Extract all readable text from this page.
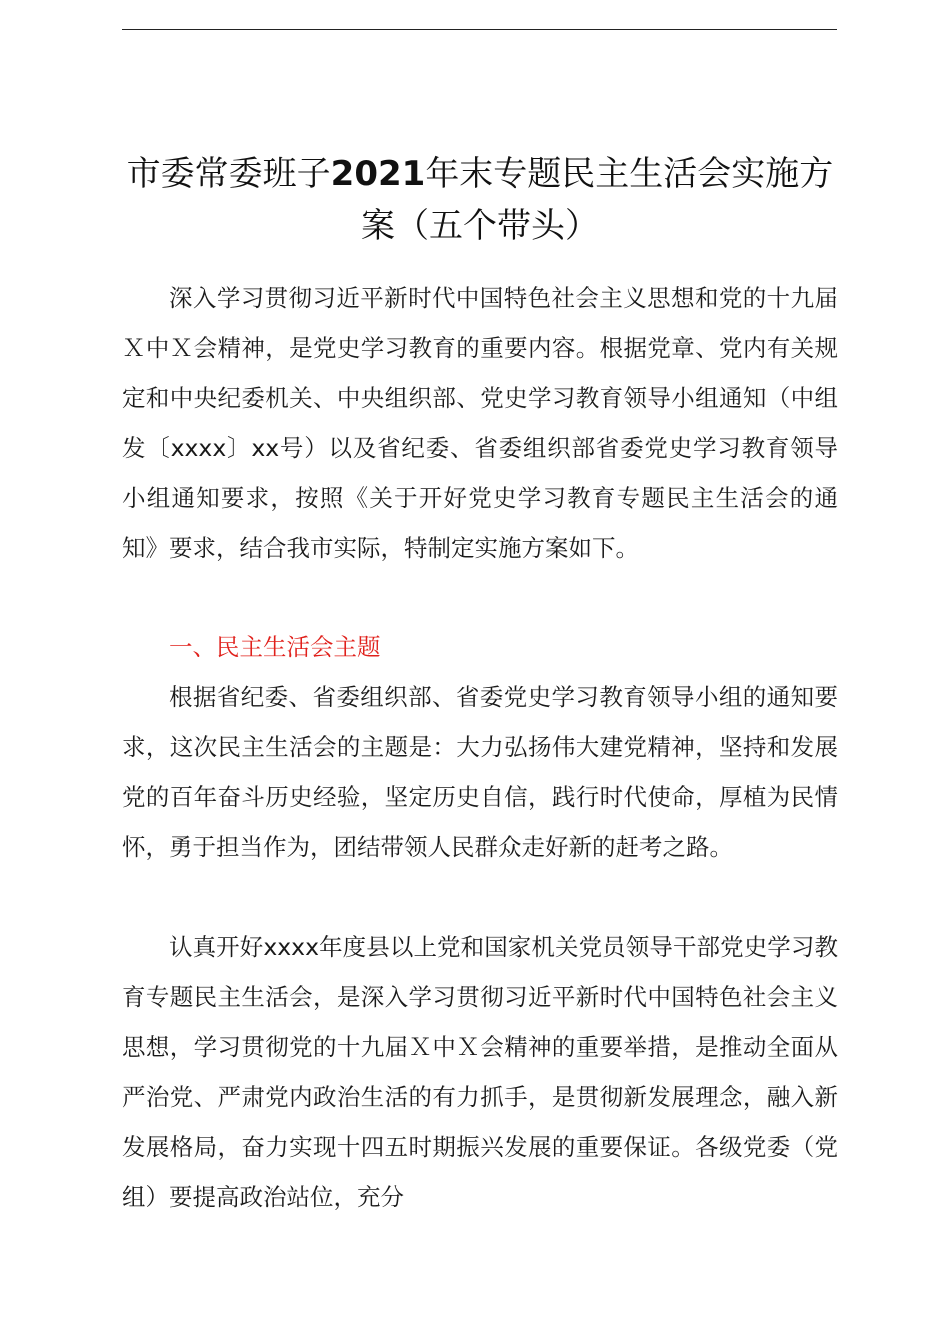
市委常委班子2021年末专题民主生活会实施方案（五个带头）

深入学习贯彻习近平新时代中国特色社会主义思想和党的十九届Ｘ中Ｘ会精神，是党史学习教育的重要内容。根据党章、党内有关规定和中央纪委机关、中央组织部、党史学习教育领导小组通知（中组发〔xxxx〕xx号）以及省纪委、省委组织部省委党史学习教育领导小组通知要求，按照《关于开好党史学习教育专题民主生活会的通知》要求，结合我市实际，特制定实施方案如下。

一、民主生活会主题

根据省纪委、省委组织部、省委党史学习教育领导小组的通知要求，这次民主生活会的主题是：大力弘扬伟大建党精神，坚持和发展党的百年奋斗历史经验，坚定历史自信，践行时代使命，厚植为民情怀，勇于担当作为，团结带领人民群众走好新的赶考之路。

认真开好xxxx年度县以上党和国家机关党员领导干部党史学习教育专题民主生活会，是深入学习贯彻习近平新时代中国特色社会主义思想，学习贯彻党的十九届Ｘ中Ｘ会精神的重要举措，是推动全面从严治党、严肃党内政治生活的有力抓手，是贯彻新发展理念，融入新发展格局，奋力实现十四五时期振兴发展的重要保证。各级党委（党组）要提高政治站位，充分
